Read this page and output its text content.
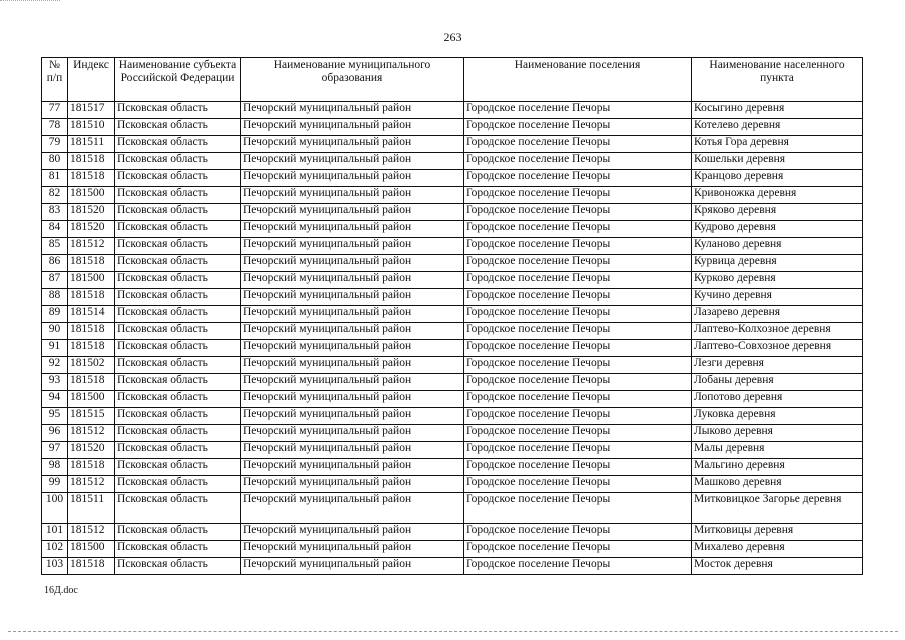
263
№ п/п	Индекс	Наименование субъекта Российской Федерации	Наименование муниципального образования	Наименование поселения	Наименование населенного пункта
77	181517	Псковская область	Печорский муниципальный район	Городское поселение Печоры	Косыгино деревня
78	181510	Псковская область	Печорский муниципальный район	Городское поселение Печоры	Котелево деревня
79	181511	Псковская область	Печорский муниципальный район	Городское поселение Печоры	Котья Гора деревня
80	181518	Псковская область	Печорский муниципальный район	Городское поселение Печоры	Кошельки деревня
81	181518	Псковская область	Печорский муниципальный район	Городское поселение Печоры	Кранцово деревня
82	181500	Псковская область	Печорский муниципальный район	Городское поселение Печоры	Кривоножка деревня
83	181520	Псковская область	Печорский муниципальный район	Городское поселение Печоры	Кряково деревня
84	181520	Псковская область	Печорский муниципальный район	Городское поселение Печоры	Кудрово деревня
85	181512	Псковская область	Печорский муниципальный район	Городское поселение Печоры	Куланово деревня
86	181518	Псковская область	Печорский муниципальный район	Городское поселение Печоры	Курвица деревня
87	181500	Псковская область	Печорский муниципальный район	Городское поселение Печоры	Курково деревня
88	181518	Псковская область	Печорский муниципальный район	Городское поселение Печоры	Кучино деревня
89	181514	Псковская область	Печорский муниципальный район	Городское поселение Печоры	Лазарево деревня
90	181518	Псковская область	Печорский муниципальный район	Городское поселение Печоры	Лаптево-Колхозное деревня
91	181518	Псковская область	Печорский муниципальный район	Городское поселение Печоры	Лаптево-Совхозное деревня
92	181502	Псковская область	Печорский муниципальный район	Городское поселение Печоры	Лезги деревня
93	181518	Псковская область	Печорский муниципальный район	Городское поселение Печоры	Лобаны деревня
94	181500	Псковская область	Печорский муниципальный район	Городское поселение Печоры	Лопотово деревня
95	181515	Псковская область	Печорский муниципальный район	Городское поселение Печоры	Луковка деревня
96	181512	Псковская область	Печорский муниципальный район	Городское поселение Печоры	Лыково деревня
97	181520	Псковская область	Печорский муниципальный район	Городское поселение Печоры	Малы деревня
98	181518	Псковская область	Печорский муниципальный район	Городское поселение Печоры	Мальгино деревня
99	181512	Псковская область	Печорский муниципальный район	Городское поселение Печоры	Машково деревня
100	181511	Псковская область	Печорский муниципальный район	Городское поселение Печоры	Митковицкое Загорье деревня
101	181512	Псковская область	Печорский муниципальный район	Городское поселение Печоры	Митковицы деревня
102	181500	Псковская область	Печорский муниципальный район	Городское поселение Печоры	Михалево деревня
103	181518	Псковская область	Печорский муниципальный район	Городское поселение Печоры	Мосток деревня
16Д.doc
